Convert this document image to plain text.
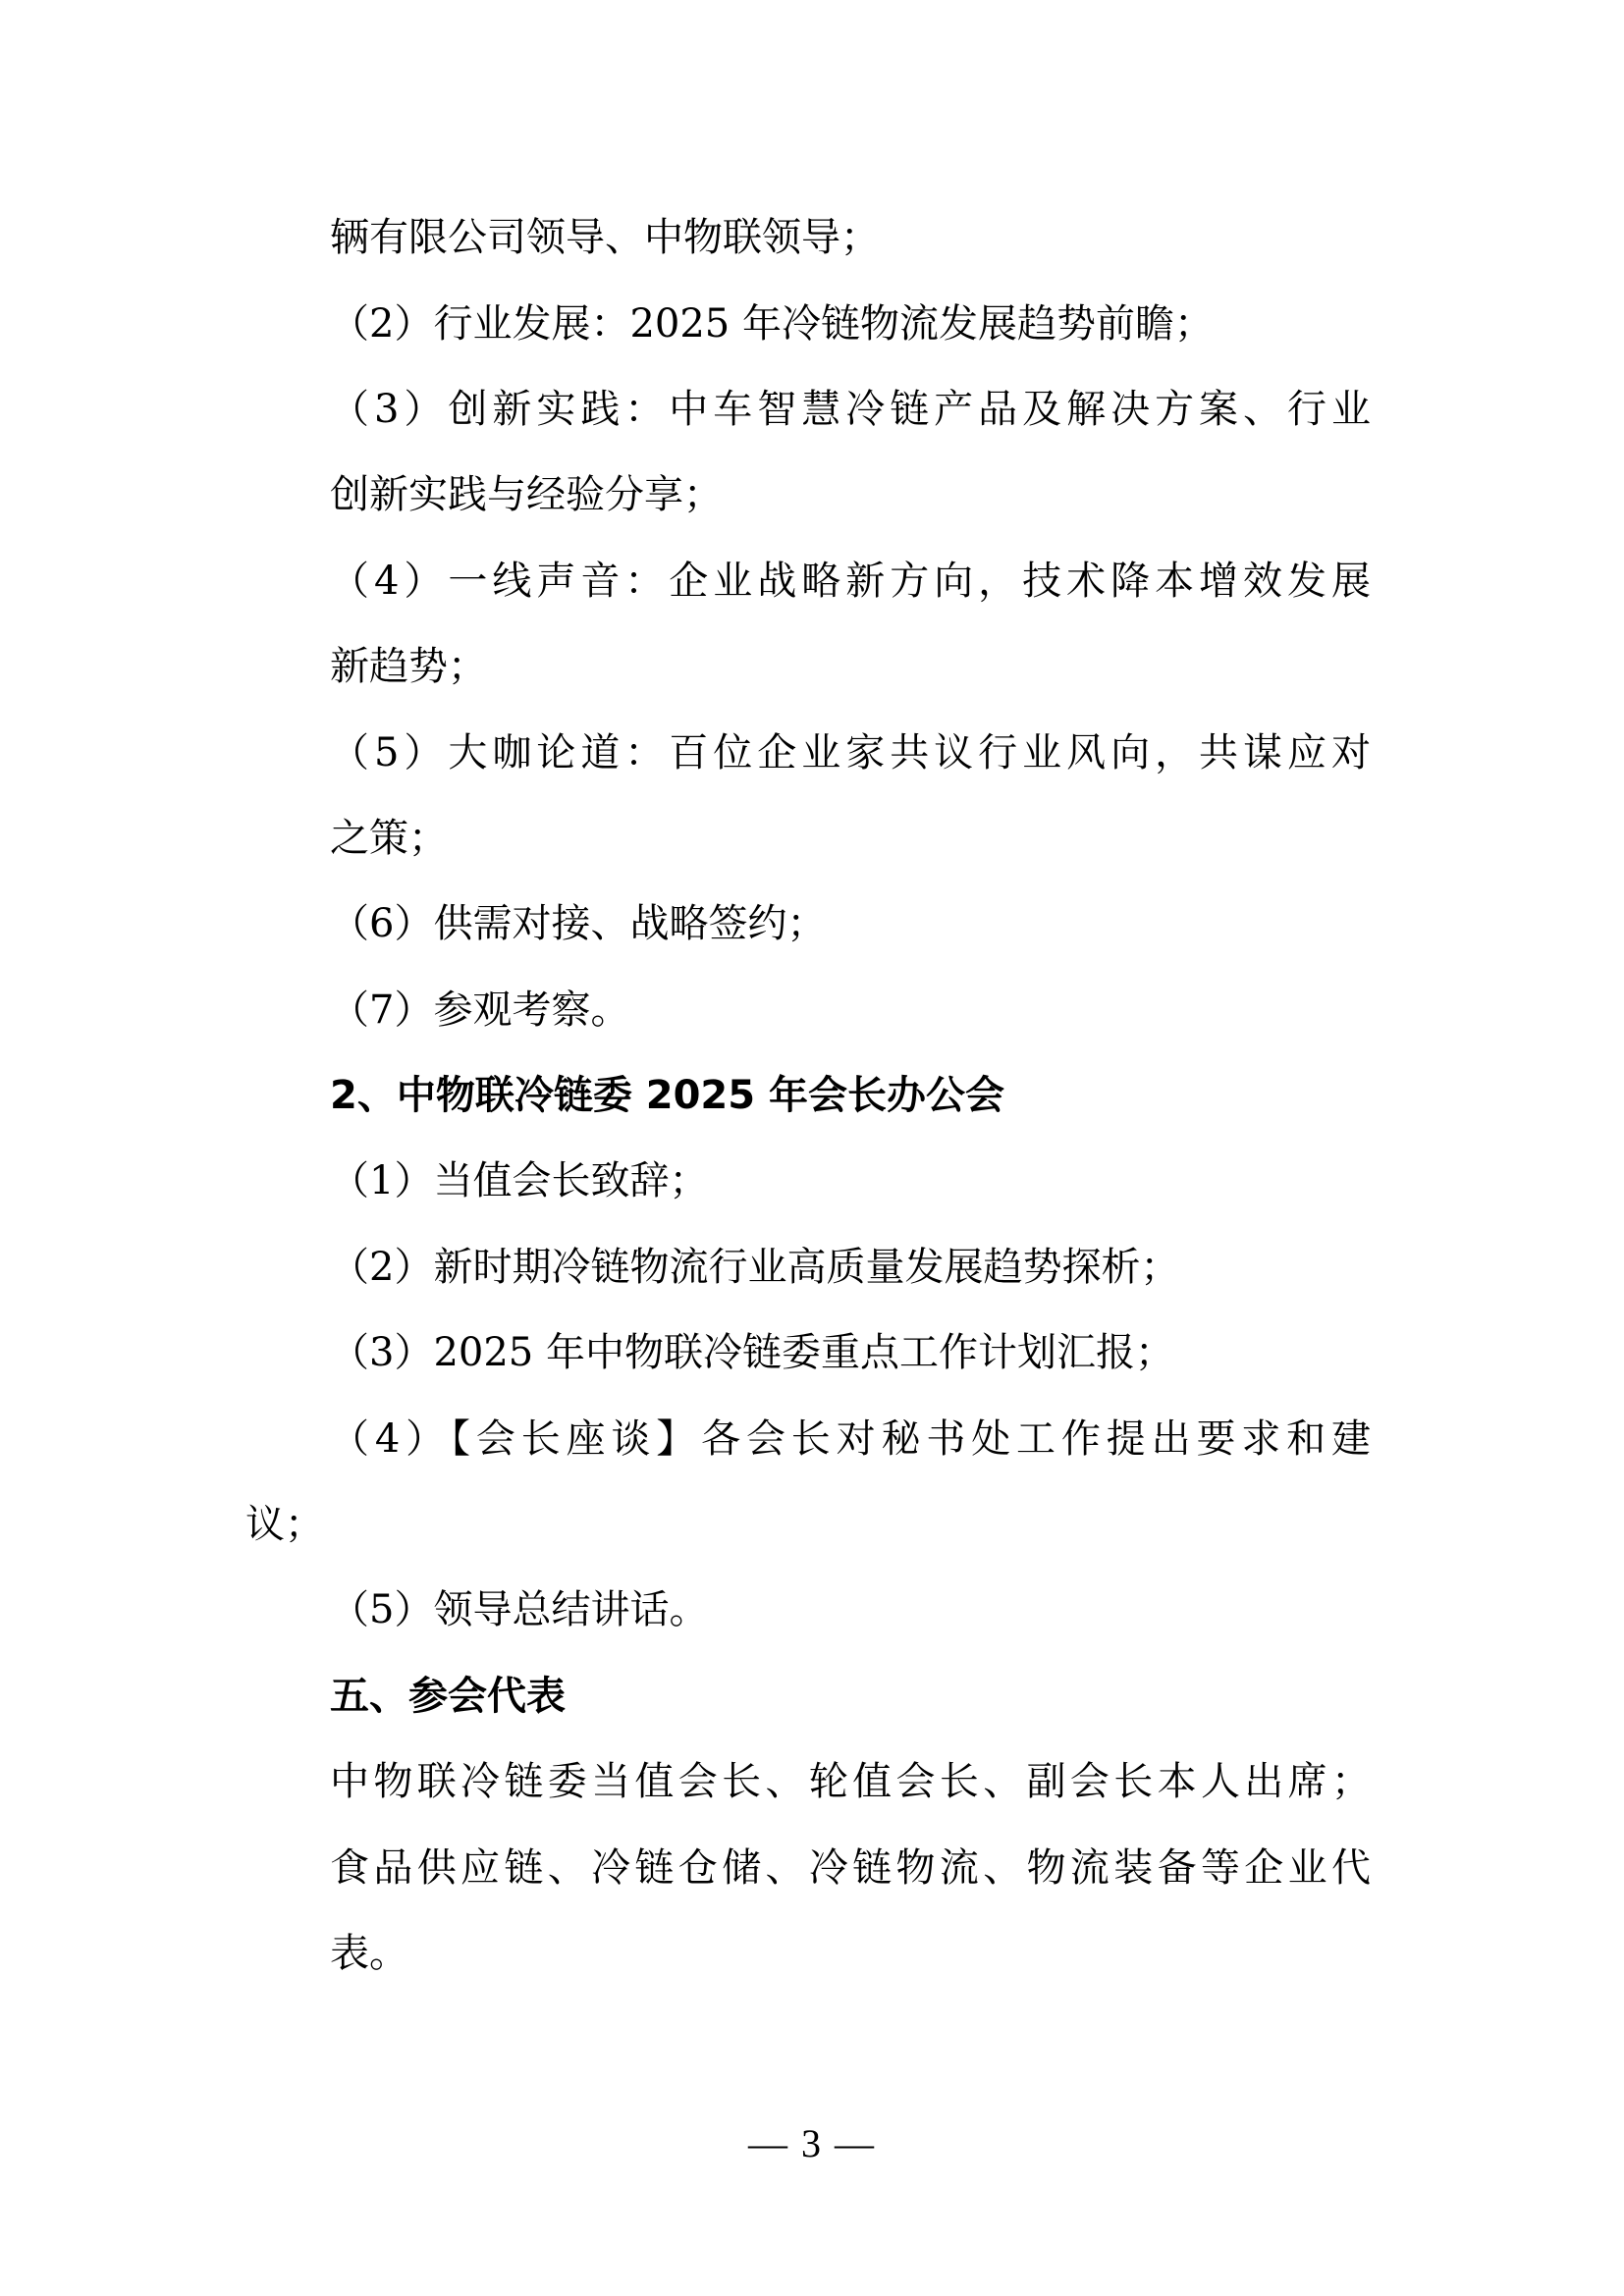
辆有限公司领导、中物联领导；
（2）行业发展：2025 年冷链物流发展趋势前瞻；
（3）创新实践：中车智慧冷链产品及解决方案、行业
创新实践与经验分享；
（4）一线声音：企业战略新方向，技术降本增效发展
新趋势；
（5）大咖论道：百位企业家共议行业风向，共谋应对
之策；
（6）供需对接、战略签约；
（7）参观考察。
2、中物联冷链委 2025 年会长办公会
（1）当值会长致辞；
（2）新时期冷链物流行业高质量发展趋势探析；
（3）2025 年中物联冷链委重点工作计划汇报；
（4）【会长座谈】各会长对秘书处工作提出要求和建
议；
（5）领导总结讲话。
五、参会代表
中物联冷链委当值会长、轮值会长、副会长本人出席；
食品供应链、冷链仓储、冷链物流、物流装备等企业代
表。
— 3 —
